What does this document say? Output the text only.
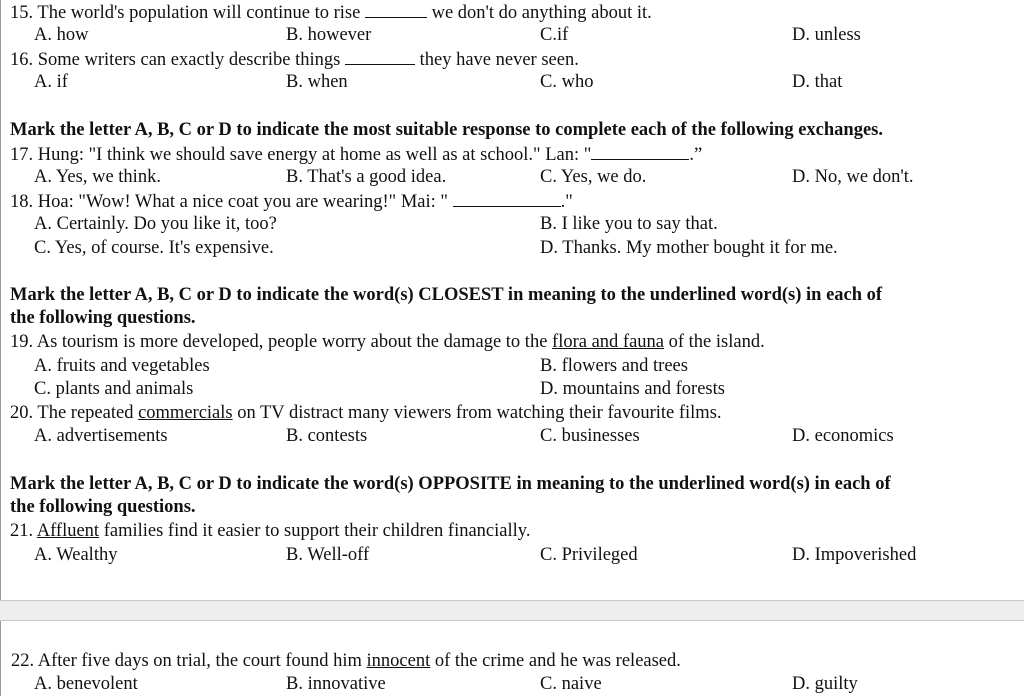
15. The world's population will continue to rise	we don't do anything about it.
A. how	B. however	C.if	D. unless
16. Some writers can exactly describe things	they have never seen.
A. if	B. when	C. who	D. that
Mark the letter A, B, C or D to indicate the most suitable response to complete each of the following exchanges.
17. Hung: "I think we should save energy at home as well as at school." Lan: "	.”
A. Yes, we think.	B. That's a good idea.	C. Yes, we do.	D. No, we don't.
18. Hoa: "Wow! What a nice coat you are wearing!" Mai: "	."
A. Certainly. Do you like it, too?	B. I like you to say that.
C. Yes, of course. It's expensive.	D. Thanks. My mother bought it for me.
Mark the letter A, B, C or D to indicate the word(s) CLOSEST in meaning to the underlined word(s) in each of
the following questions.
19. As tourism is more developed, people worry about the damage to the flora and fauna of the island.
A. fruits and vegetables	B. flowers and trees
C. plants and animals	D. mountains and forests
20. The repeated commercials on TV distract many viewers from watching their favourite films.
A. advertisements	B. contests	C. businesses	D. economics
Mark the letter A, B, C or D to indicate the word(s) OPPOSITE in meaning to the underlined word(s) in each of
the following questions.
21. Affluent families find it easier to support their children financially.
A. Wealthy	B. Well-off	C. Privileged	D. Impoverished
22. After five days on trial, the court found him innocent of the crime and he was released.
A. benevolent	B. innovative	C. naive	D. guilty
